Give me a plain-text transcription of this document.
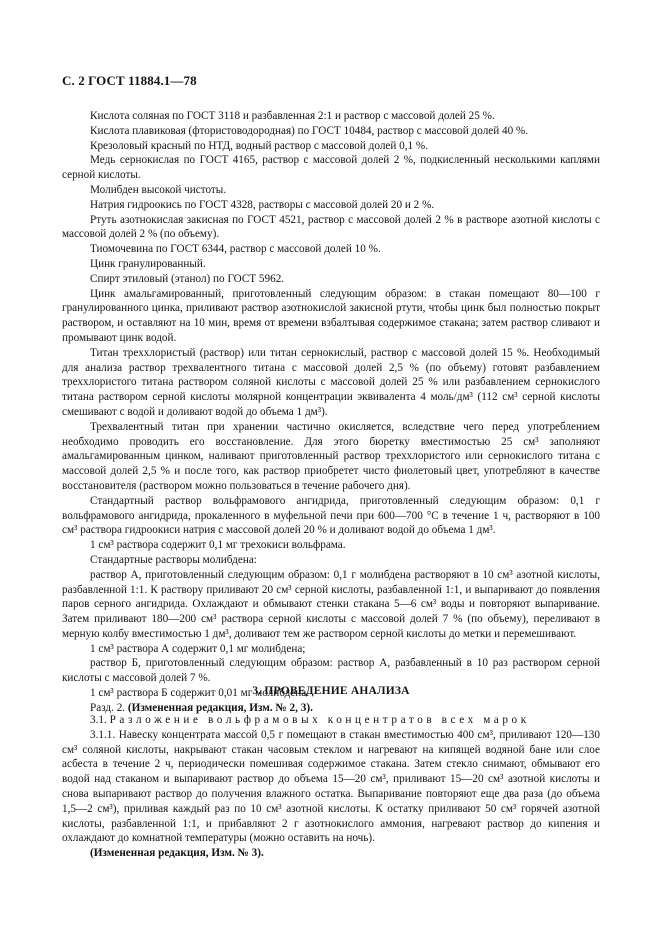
С. 2 ГОСТ 11884.1—78

Кислота соляная по ГОСТ 3118 и разбавленная 2:1 и раствор с массовой долей 25 %.

Кислота плавиковая (фтористоводородная) по ГОСТ 10484, раствор с массовой долей 40 %.

Крезоловый красный по НТД, водный раствор с массовой долей 0,1 %.

Медь сернокислая по ГОСТ 4165, раствор с массовой долей 2 %, подкисленный несколькими каплями серной кислоты.

Молибден высокой чистоты.

Натрия гидроокись по ГОСТ 4328, растворы с массовой долей 20 и 2 %.

Ртуть азотнокислая закисная по ГОСТ 4521, раствор с массовой долей 2 % в растворе азотной кислоты с массовой долей 2 % (по объему).

Тиомочевина по ГОСТ 6344, раствор с массовой долей 10 %.

Цинк гранулированный.

Спирт этиловый (этанол) по ГОСТ 5962.

Цинк амальгамированный, приготовленный следующим образом: в стакан помещают 80—100 г гранулированного цинка, приливают раствор азотнокислой закисной ртути, чтобы цинк был полностью покрыт раствором, и оставляют на 10 мин, время от времени взбалтывая содержимое стакана; затем раствор сливают и промывают цинк водой.

Титан треххлористый (раствор) или титан сернокислый, раствор с массовой долей 15 %. Необходимый для анализа раствор трехвалентного титана с массовой долей 2,5 % (по объему) готовят разбавлением треххлористого титана раствором соляной кислоты с массовой долей 25 % или разбавлением сернокислого титана раствором серной кислоты молярной концентрации эквивалента 4 моль/дм³ (112 см³ серной кислоты смешивают с водой и доливают водой до объема 1 дм³).

Трехвалентный титан при хранении частично окисляется, вследствие чего перед употреблением необходимо проводить его восстановление. Для этого бюретку вместимостью 25 см³ заполняют амальгамированным цинком, наливают приготовленный раствор треххлористого или сернокислого титана с массовой долей 2,5 % и после того, как раствор приобретет чисто фиолетовый цвет, употребляют в качестве восстановителя (раствором можно пользоваться в течение рабочего дня).

Стандартный раствор вольфрамового ангидрида, приготовленный следующим образом: 0,1 г вольфрамового ангидрида, прокаленного в муфельной печи при 600—700 °С в течение 1 ч, растворяют в 100 см³ раствора гидроокиси натрия с массовой долей 20 % и доливают водой до объема 1 дм³.

1 см³ раствора содержит 0,1 мг трехокиси вольфрама.

Стандартные растворы молибдена:

раствор А, приготовленный следующим образом: 0,1 г молибдена растворяют в 10 см³ азотной кислоты, разбавленной 1:1. К раствору приливают 20 см³ серной кислоты, разбавленной 1:1, и выпаривают до появления паров серного ангидрида. Охлаждают и обмывают стенки стакана 5—6 см³ воды и повторяют выпаривание. Затем приливают 180—200 см³ раствора серной кислоты с массовой долей 7 % (по объему), переливают в мерную колбу вместимостью 1 дм³, доливают тем же раствором серной кислоты до метки и перемешивают.

1 см³ раствора А содержит 0,1 мг молибдена;

раствор Б, приготовленный следующим образом: раствор А, разбавленный в 10 раз раствором серной кислоты с массовой долей 7 %.

1 см³ раствора Б содержит 0,01 мг молибдена.

Разд. 2. (Измененная редакция, Изм. № 2, 3).

3. ПРОВЕДЕНИЕ АНАЛИЗА

3.1. Разложение вольфрамовых концентратов всех марок

3.1.1. Навеску концентрата массой 0,5 г помещают в стакан вместимостью 400 см³, приливают 120—130 см³ соляной кислоты, накрывают стакан часовым стеклом и нагревают на кипящей водяной бане или слое асбеста в течение 2 ч, периодически помешивая содержимое стакана. Затем стекло снимают, обмывают его водой над стаканом и выпаривают раствор до объема 15—20 см³, приливают 15—20 см³ азотной кислоты и снова выпаривают раствор до получения влажного остатка. Выпаривание повторяют еще два раза (до объема 1,5—2 см³), приливая каждый раз по 10 см³ азотной кислоты. К остатку приливают 50 см³ горячей азотной кислоты, разбавленной 1:1, и прибавляют 2 г азотнокислого аммония, нагревают раствор до кипения и охлаждают до комнатной температуры (можно оставить на ночь).

(Измененная редакция, Изм. № 3).
